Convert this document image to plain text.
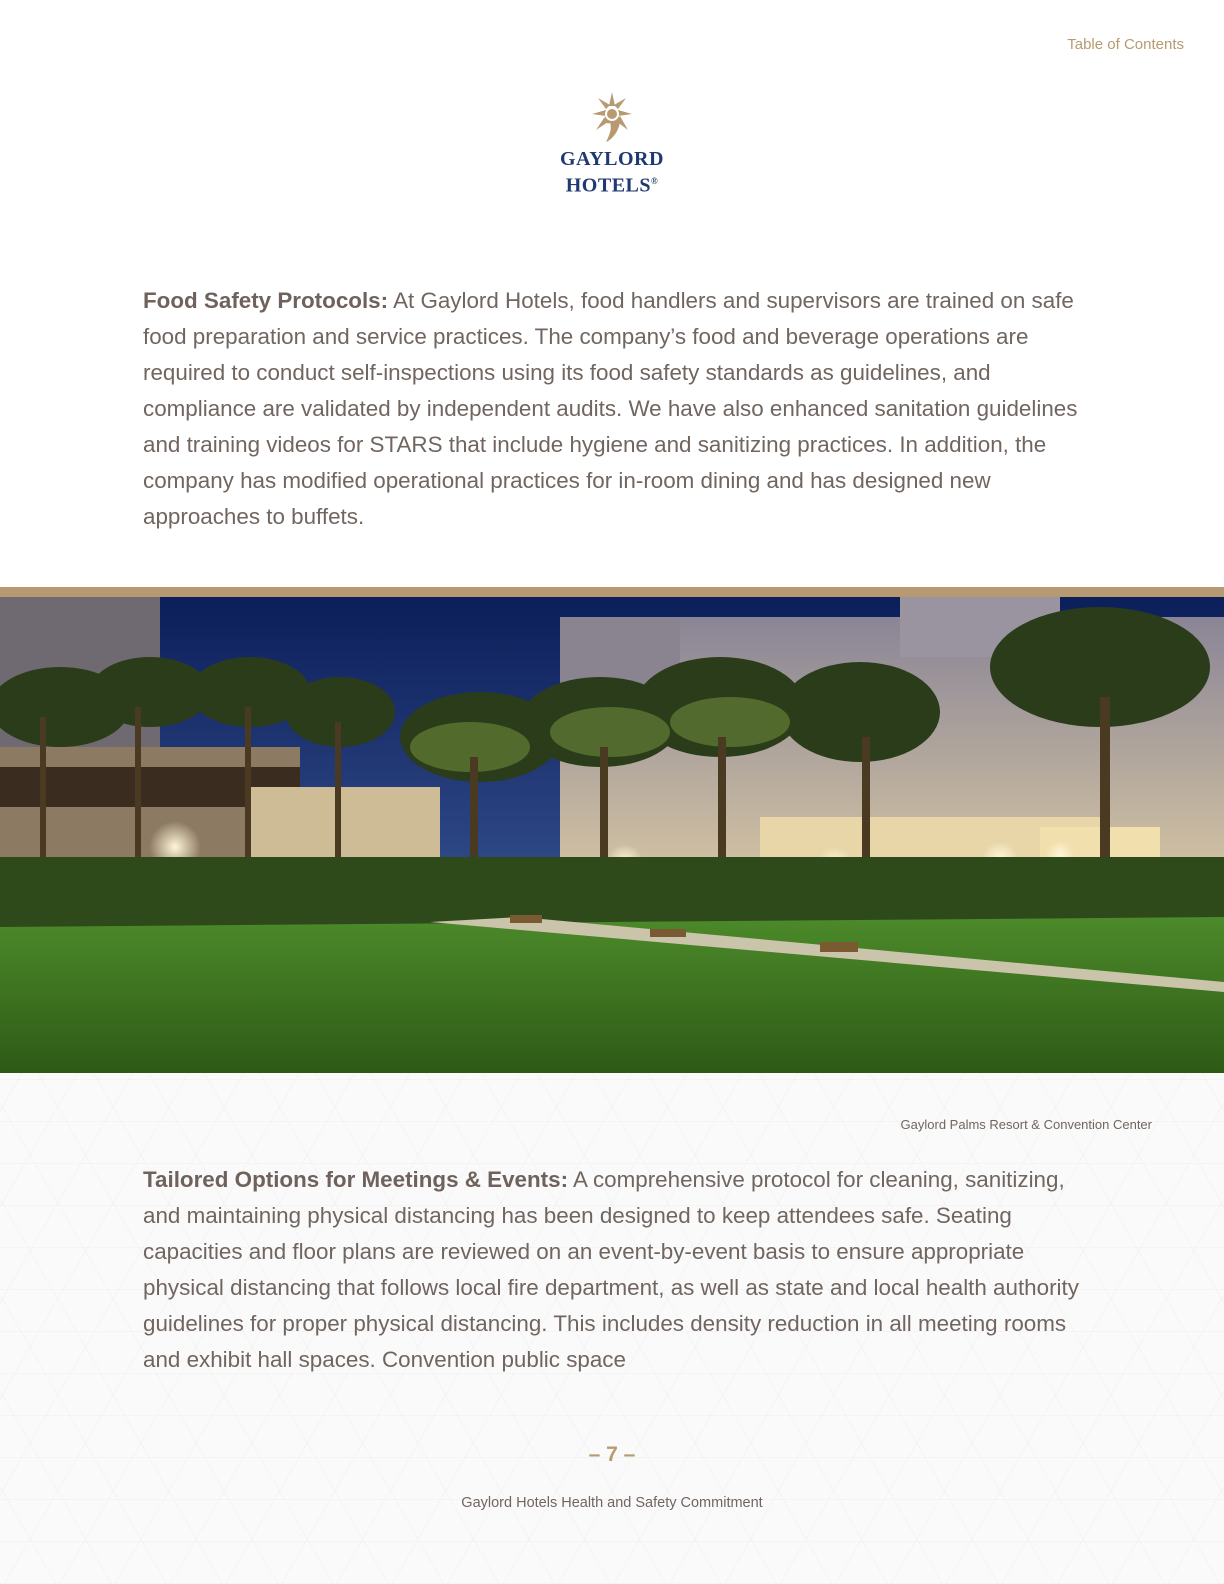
Table of Contents
GAYLORD
HOTELS®

Food Safety Protocols: At Gaylord Hotels, food handlers and supervisors are trained on safe food preparation and service practices. The company’s food and beverage operations are required to conduct self-inspections using its food safety standards as guidelines, and compliance are validated by independent audits. We have also enhanced sanitation guidelines and training videos for STARS that include hygiene and sanitizing practices. In addition, the company has modified operational practices for in-room dining and has designed new approaches to buffets.

Gaylord Palms Resort & Convention Center

Tailored Options for Meetings & Events: A comprehensive protocol for cleaning, sanitizing, and maintaining physical distancing has been designed to keep attendees safe. Seating capacities and floor plans are reviewed on an event-by-event basis to ensure appropriate physical distancing that follows local fire department, as well as state and local health authority guidelines for proper physical distancing. This includes density reduction in all meeting rooms and exhibit hall spaces. Convention public space

– 7 –
Gaylord Hotels Health and Safety Commitment
